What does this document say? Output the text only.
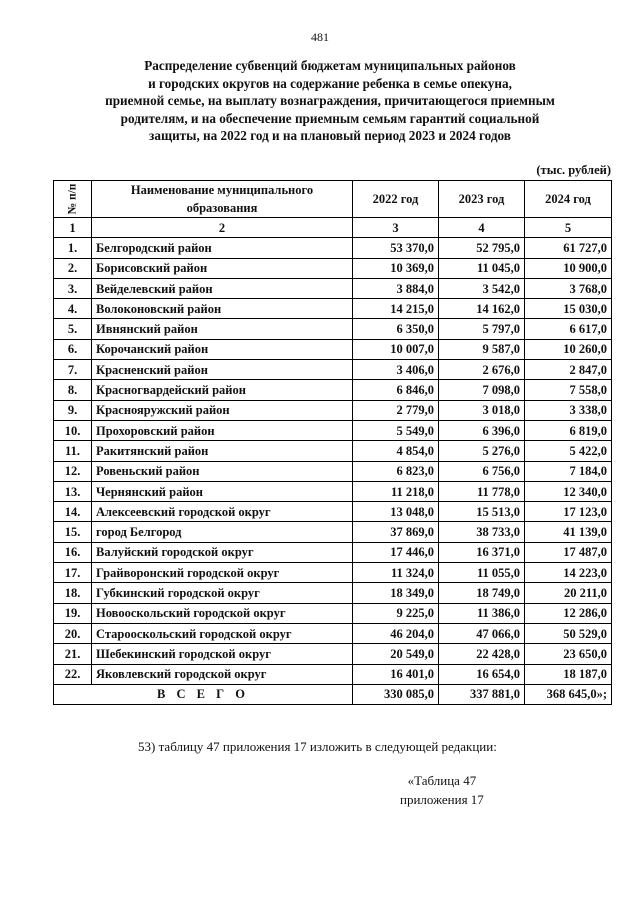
481
Распределение субвенций бюджетам муниципальных районов
и городских округов на содержание ребенка в семье опекуна,
приемной семье, на выплату вознаграждения, причитающегося приемным
родителям, и на обеспечение приемным семьям гарантий социальной
защиты, на 2022 год и на плановый период 2023 и 2024 годов
(тыс. рублей)
№ п/п	Наименование муниципального образования	2022 год	2023 год	2024 год
1	2	3	4	5
1.	Белгородский район	53 370,0	52 795,0	61 727,0
2.	Борисовский район	10 369,0	11 045,0	10 900,0
3.	Вейделевский район	3 884,0	3 542,0	3 768,0
4.	Волоконовский район	14 215,0	14 162,0	15 030,0
5.	Ивнянский район	6 350,0	5 797,0	6 617,0
6.	Корочанский район	10 007,0	9 587,0	10 260,0
7.	Красненский район	3 406,0	2 676,0	2 847,0
8.	Красногвардейский район	6 846,0	7 098,0	7 558,0
9.	Краснояружский район	2 779,0	3 018,0	3 338,0
10.	Прохоровский район	5 549,0	6 396,0	6 819,0
11.	Ракитянский район	4 854,0	5 276,0	5 422,0
12.	Ровеньский район	6 823,0	6 756,0	7 184,0
13.	Чернянский район	11 218,0	11 778,0	12 340,0
14.	Алексеевский городской округ	13 048,0	15 513,0	17 123,0
15.	город Белгород	37 869,0	38 733,0	41 139,0
16.	Валуйский городской округ	17 446,0	16 371,0	17 487,0
17.	Грайворонский городской округ	11 324,0	11 055,0	14 223,0
18.	Губкинский городской округ	18 349,0	18 749,0	20 211,0
19.	Новооскольский городской округ	9 225,0	11 386,0	12 286,0
20.	Старооскольский городской округ	46 204,0	47 066,0	50 529,0
21.	Шебекинский городской округ	20 549,0	22 428,0	23 650,0
22.	Яковлевский городской округ	16 401,0	16 654,0	18 187,0
В С Е Г О		330 085,0	337 881,0	368 645,0»;
53) таблицу 47 приложения 17 изложить в следующей редакции:
«Таблица 47
приложения 17
